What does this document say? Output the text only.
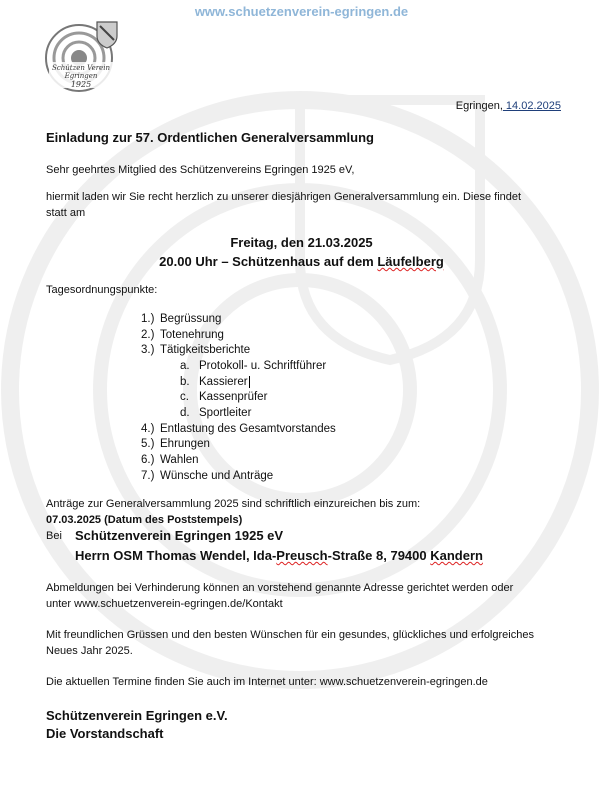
www.schuetzenverein-egringen.de
Schützen Verein
Egringen
1925
Egringen, 14.02.2025
Einladung zur 57. Ordentlichen Generalversammlung
Sehr geehrtes Mitglied des Schützenvereins Egringen 1925 eV,
hiermit laden wir Sie recht herzlich zu unserer diesjährigen Generalversammlung ein. Diese findet
statt am
Freitag, den 21.03.2025
20.00 Uhr – Schützenhaus auf dem Läufelberg
Tagesordnungspunkte:
1.) Begrüssung
2.) Totenehrung
3.) Tätigkeitsberichte
a. Protokoll- u. Schriftführer
b. Kassierer
c. Kassenprüfer
d. Sportleiter
4.) Entlastung des Gesamtvorstandes
5.) Ehrungen
6.) Wahlen
7.) Wünsche und Anträge
Anträge zur Generalversammlung 2025 sind schriftlich einzureichen bis zum:
07.03.2025 (Datum des Poststempels)
Bei Schützenverein Egringen 1925 eV
Herrn OSM Thomas Wendel, Ida-Preusch-Straße 8, 79400 Kandern
Abmeldungen bei Verhinderung können an vorstehend genannte Adresse gerichtet werden oder
unter www.schuetzenverein-egringen.de/Kontakt
Mit freundlichen Grüssen und den besten Wünschen für ein gesundes, glückliches und erfolgreiches
Neues Jahr 2025.
Die aktuellen Termine finden Sie auch im Internet unter: www.schuetzenverein-egringen.de
Schützenverein Egringen e.V.
Die Vorstandschaft
